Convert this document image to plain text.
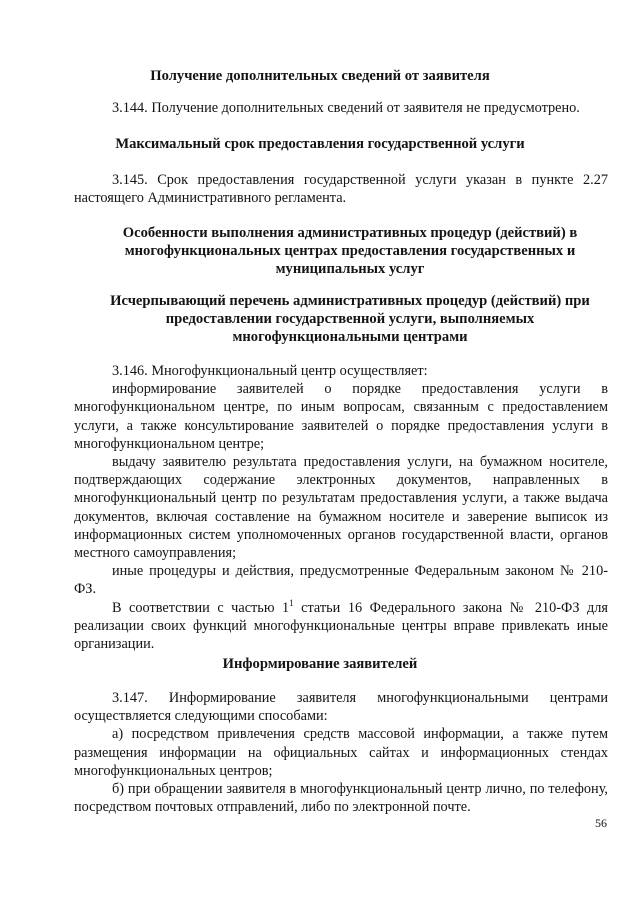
Получение дополнительных сведений от заявителя
3.144. Получение дополнительных сведений от заявителя не предусмотрено.
Максимальный срок предоставления государственной услуги
3.145. Срок предоставления государственной услуги указан в пункте 2.27 настоящего Административного регламента.
Особенности выполнения административных процедур (действий) в многофункциональных центрах предоставления государственных и муниципальных услуг
Исчерпывающий перечень административных процедур (действий) при предоставлении государственной услуги, выполняемых многофункциональными центрами
3.146. Многофункциональный центр осуществляет:
информирование заявителей о порядке предоставления услуги в многофункциональном центре, по иным вопросам, связанным с предоставлением услуги, а также консультирование заявителей о порядке предоставления услуги в многофункциональном центре;
выдачу заявителю результата предоставления услуги, на бумажном носителе, подтверждающих содержание электронных документов, направленных в многофункциональный центр по результатам предоставления услуги, а также выдача документов, включая составление на бумажном носителе и заверение выписок из информационных систем уполномоченных органов государственной власти, органов местного самоуправления;
иные процедуры и действия, предусмотренные Федеральным законом № 210-ФЗ.
В соответствии с частью $1^1$ статьи 16 Федерального закона № 210-ФЗ для реализации своих функций многофункциональные центры вправе привлекать иные организации.
Информирование заявителей
3.147. Информирование заявителя многофункциональными центрами осуществляется следующими способами:
а) посредством привлечения средств массовой информации, а также путем размещения информации на официальных сайтах и информационных стендах многофункциональных центров;
б) при обращении заявителя в многофункциональный центр лично, по телефону, посредством почтовых отправлений, либо по электронной почте.
56
